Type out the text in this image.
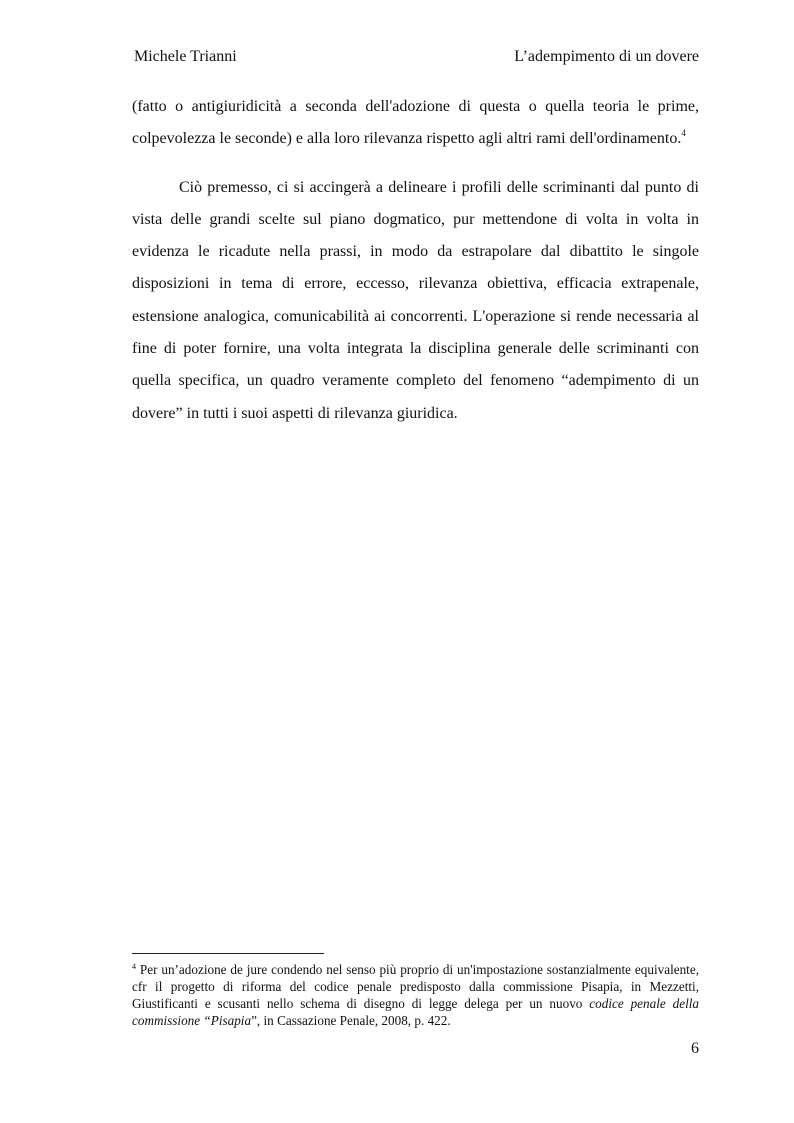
Michele Trianni	L’adempimento di un dovere

(fatto o antigiuridicità a seconda dell'adozione di questa o quella teoria le prime, colpevolezza le seconde) e alla loro rilevanza rispetto agli altri rami dell'ordinamento.$^4$

Ciò premesso, ci si accingerà a delineare i profili delle scriminanti dal punto di vista delle grandi scelte sul piano dogmatico, pur mettendone di volta in volta in evidenza le ricadute nella prassi, in modo da estrapolare dal dibattito le singole disposizioni in tema di errore, eccesso, rilevanza obiettiva, efficacia extrapenale, estensione analogica, comunicabilità ai concorrenti. L'operazione si rende necessaria al fine di poter fornire, una volta integrata la disciplina generale delle scriminanti con quella specifica, un quadro veramente completo del fenomeno “adempimento di un dovere” in tutti i suoi aspetti di rilevanza giuridica.

$^4$ Per un’adozione de jure condendo nel senso più proprio di un'impostazione sostanzialmente equivalente, cfr il progetto di riforma del codice penale predisposto dalla commissione Pisapia, in Mezzetti, Giustificanti e scusanti nello schema di disegno di legge delega per un nuovo codice penale della commissione “Pisapia”, in Cassazione Penale, 2008, p. 422.
6
